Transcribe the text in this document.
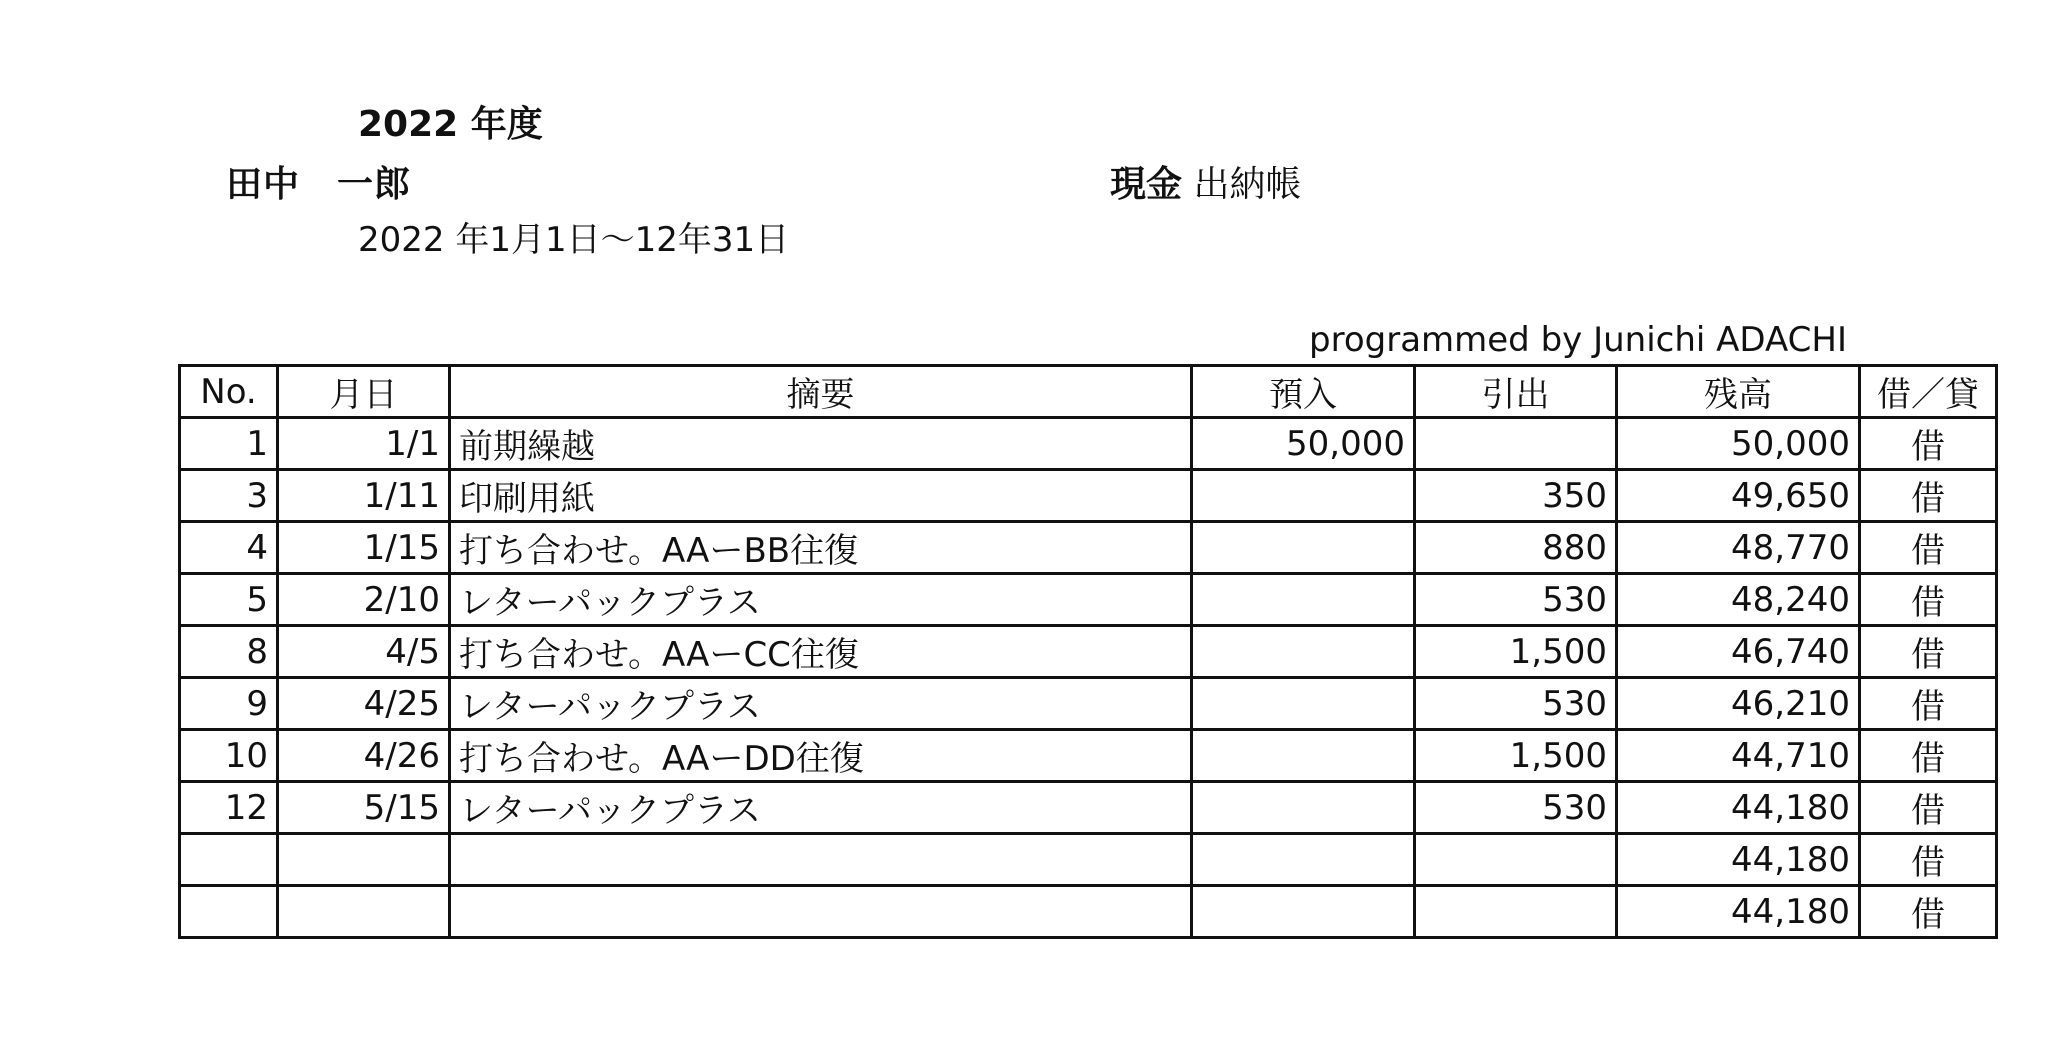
2022 年度
田中　一郎	現金 出納帳
2022 年1月1日～12年31日
programmed by Junichi ADACHI
No.	月日	摘要	預入	引出	残高	借／貸
1	1/1	前期繰越	50,000		50,000	借
3	1/11	印刷用紙		350	49,650	借
4	1/15	打ち合わせ。AAーBB往復		880	48,770	借
5	2/10	レターパックプラス		530	48,240	借
8	4/5	打ち合わせ。AAーCC往復		1,500	46,740	借
9	4/25	レターパックプラス		530	46,210	借
10	4/26	打ち合わせ。AAーDD往復		1,500	44,710	借
12	5/15	レターパックプラス		530	44,180	借
					44,180	借
					44,180	借
